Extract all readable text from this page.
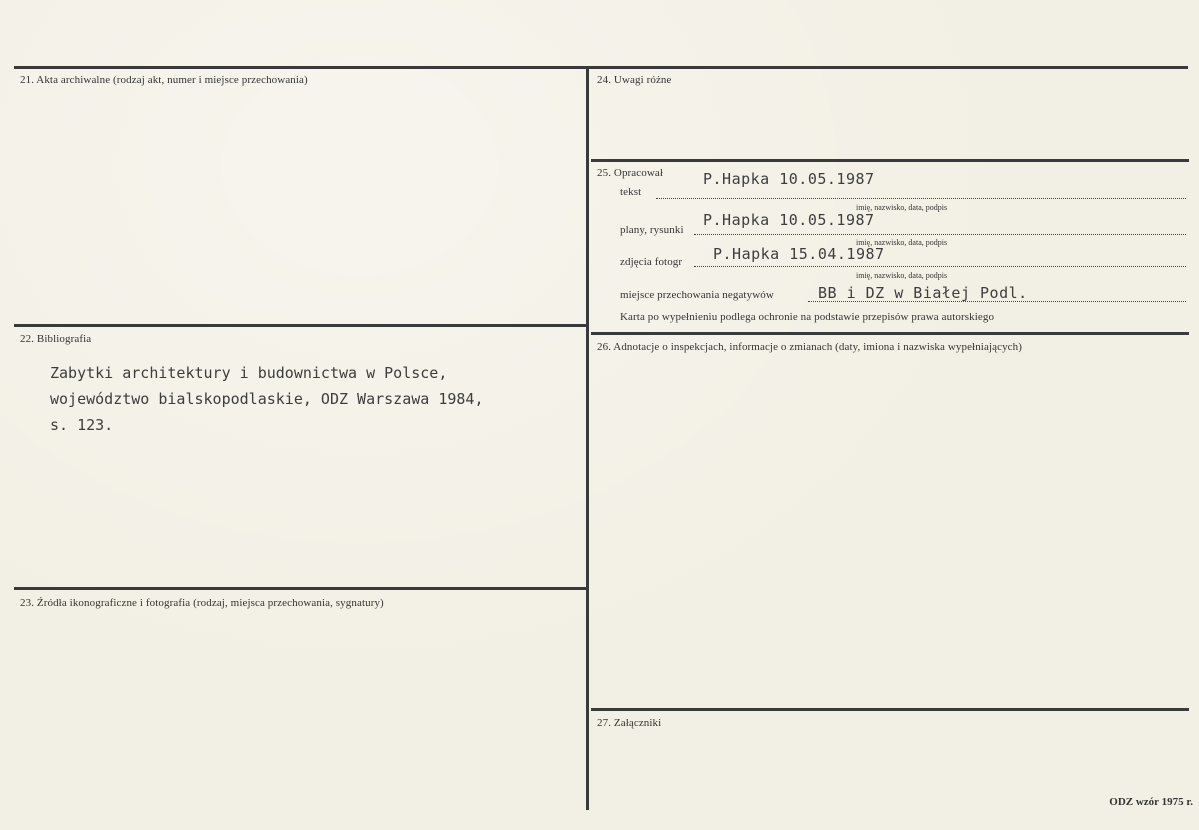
21. Akta archiwalne (rodzaj akt, numer i miejsce przechowania)
22. Bibliografia
Zabytki architektury i budownictwa w Polsce,
województwo bialskopodlaskie, ODZ Warszawa 1984,
s. 123.
23. Źródła ikonograficzne i fotografia (rodzaj, miejsca przechowania, sygnatury)
24. Uwagi różne
25. Opracował
tekst
P.Hapka 10.05.1987
imię, nazwisko, data, podpis
plany, rysunki
P.Hapka 10.05.1987
imię, nazwisko, data, podpis
zdjęcia fotogr P.Hapka 15.04.1987
imię, nazwisko, data, podpis
miejsce przechowania negatywów	BB i DZ w Białej Podl.
Karta po wypełnieniu podlega ochronie na podstawie przepisów prawa autorskiego
26. Adnotacje o inspekcjach, informacje o zmianach (daty, imiona i nazwiska wypełniających)
27. Załączniki
ODZ wzór 1975 r.
